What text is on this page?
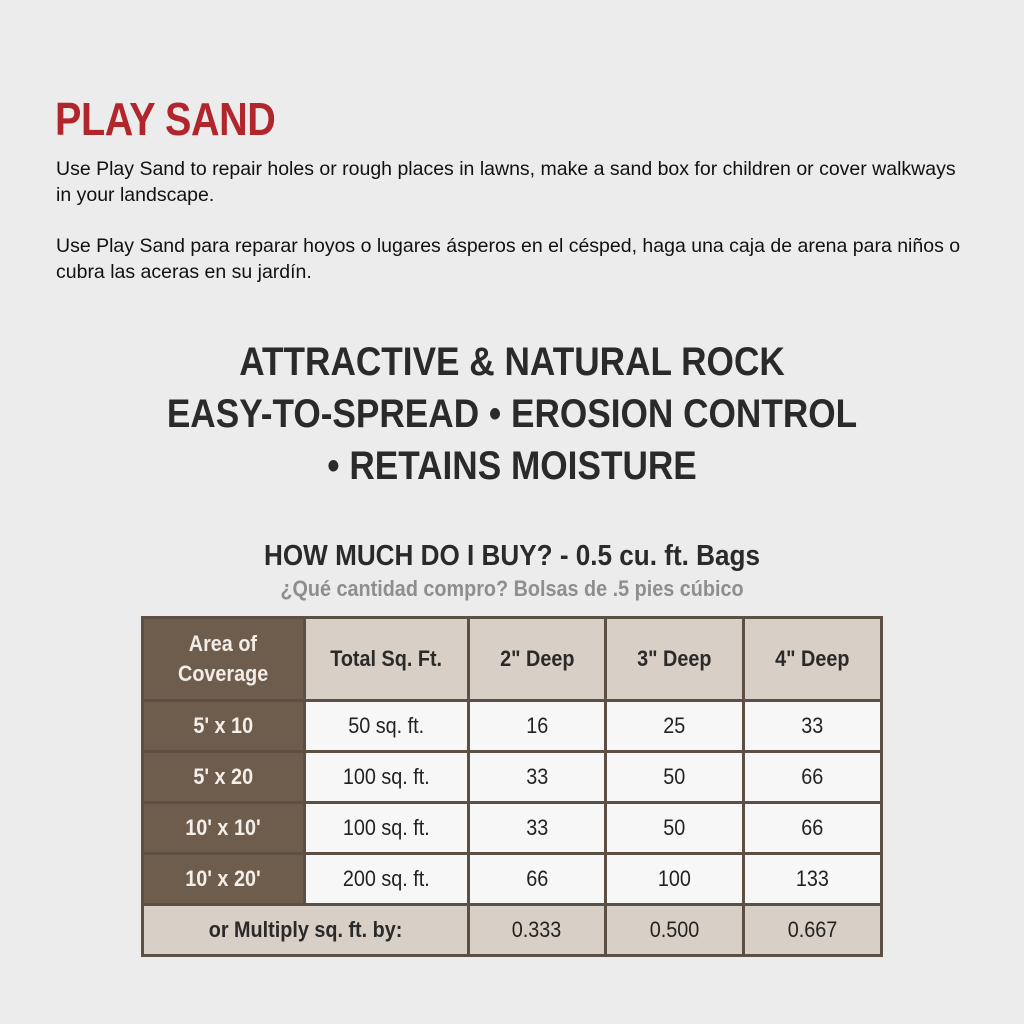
PLAY SAND

Use Play Sand to repair holes or rough places in lawns, make a sand box for children or cover walkways in your landscape.

Use Play Sand para reparar hoyos o lugares ásperos en el césped, haga una caja de arena para niños o cubra las aceras en su jardín.

ATTRACTIVE & NATURAL ROCK
EASY-TO-SPREAD • EROSION CONTROL
• RETAINS MOISTURE
HOW MUCH DO I BUY? - 0.5 cu. ft. Bags
¿Qué cantidad compro? Bolsas de .5 pies cúbico
Area of
Coverage	Total Sq. Ft.	2" Deep	3" Deep	4" Deep
5' x 10	50 sq. ft.	16	25	33
5' x 20	100 sq. ft.	33	50	66
10' x 10'	100 sq. ft.	33	50	66
10' x 20'	200 sq. ft.	66	100	133
or Multiply sq. ft. by:		0.333	0.500	0.667
